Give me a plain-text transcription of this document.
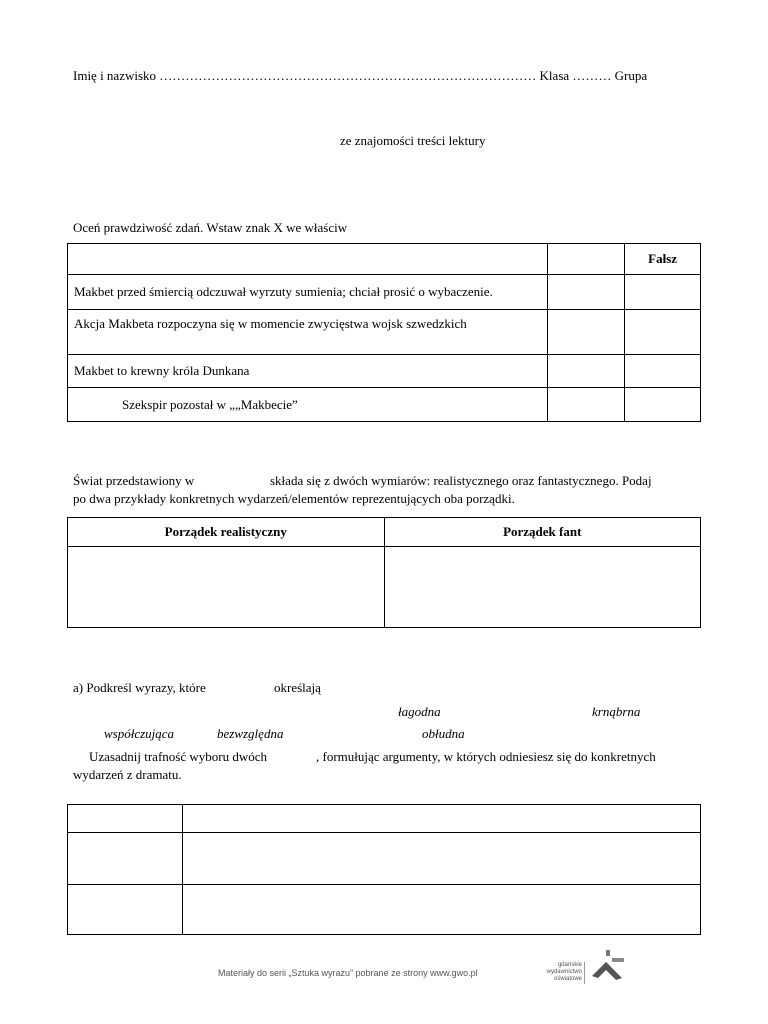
Imię i nazwisko …………………………………………………………………………… Klasa ……… Grupa
ze znajomości treści lektury
Oceń prawdziwość zdań. Wstaw znak X we właściw
		Fałsz
Makbet przed śmiercią odczuwał wyrzuty sumienia; chciał prosić o wybaczenie.		
Akcja Makbeta rozpoczyna się w momencie zwycięstwa wojsk szwedzkich		
Makbet to krewny króla Dunkana		
Szekspir pozostał w „„Makbecie”		
Świat przedstawiony w	składa się z dwóch wymiarów: realistycznego oraz fantastycznego. Podaj
po dwa przykłady konkretnych wydarzeń/elementów reprezentujących oba porządki.
Porządek realistyczny	Porządek fant

a) Podkreśl wyrazy, które	określają
łagodna	krnąbrna
współczująca	bezwzględna	obłudna
Uzasadnij trafność wyboru dwóch	, formułując argumenty, w których odniesiesz się do konkretnych
wydarzeń z dramatu.

Materiały do serii „Sztuka wyrazu” pobrane ze strony www.gwo.pl
gdańskie
wydawnictwo
oświatowe
